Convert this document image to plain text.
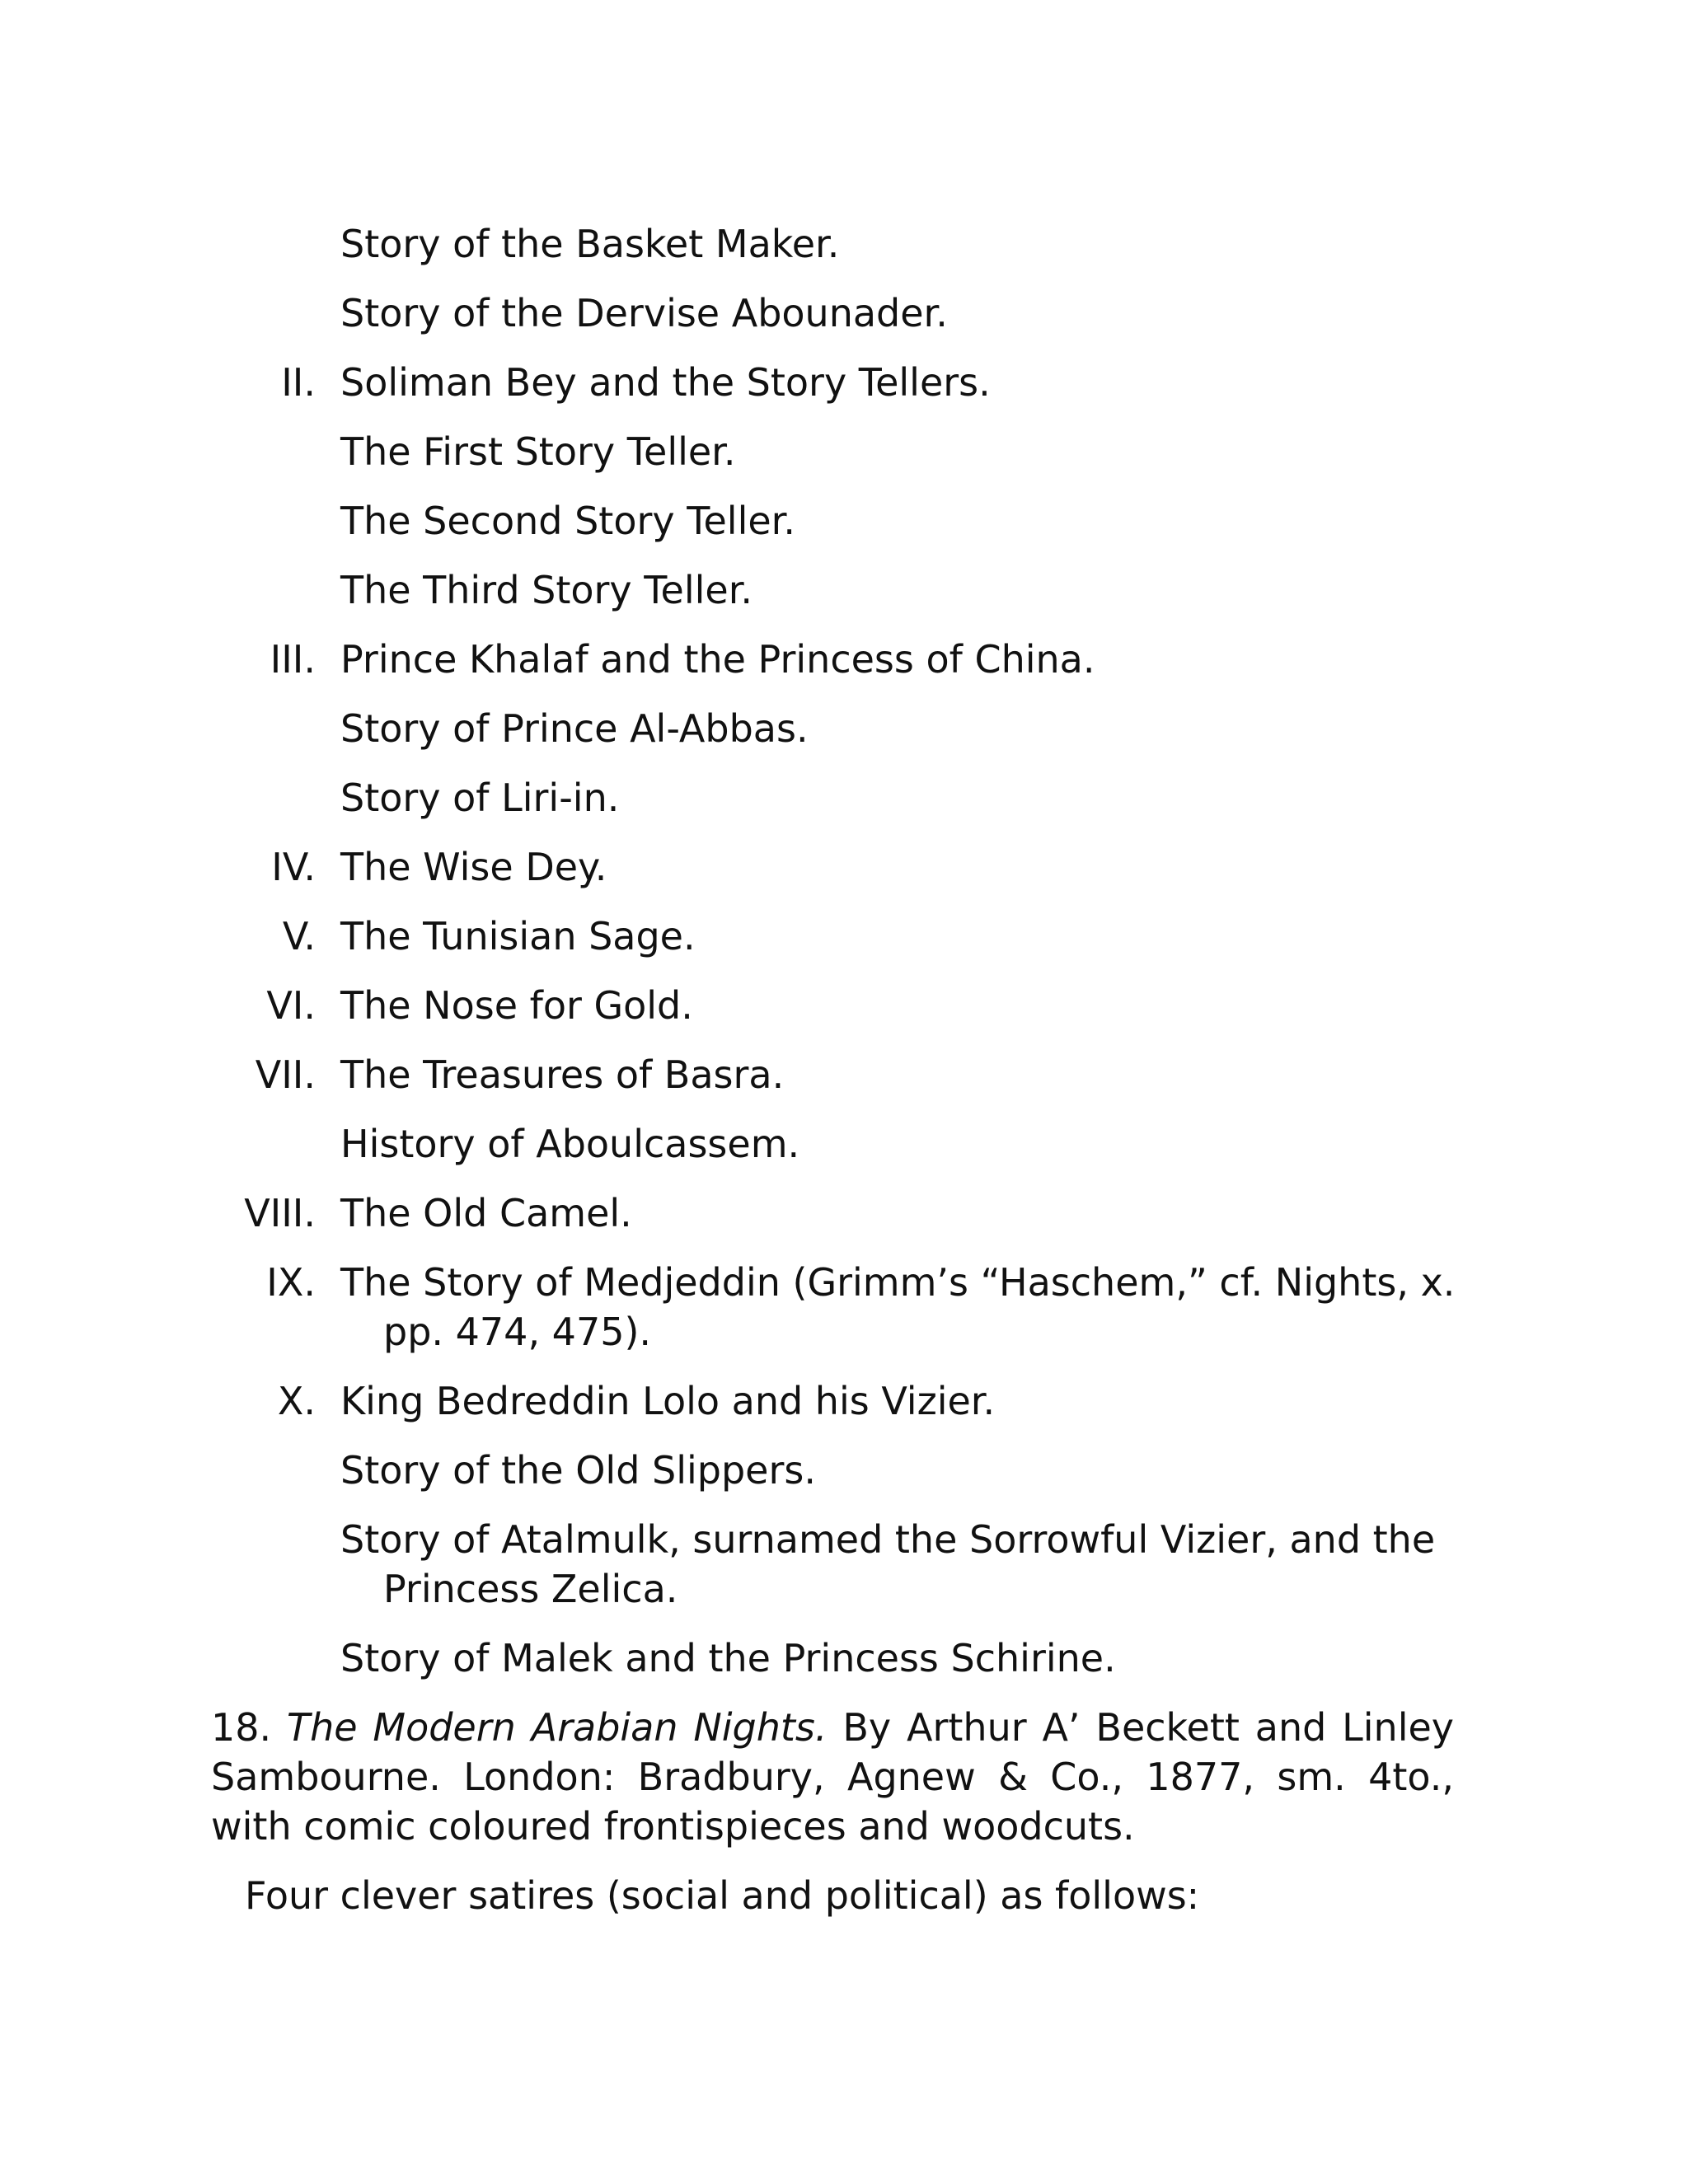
Story of the Basket Maker.
Story of the Dervise Abounader.
II. Soliman Bey and the Story Tellers.
The First Story Teller.
The Second Story Teller.
The Third Story Teller.
III. Prince Khalaf and the Princess of China.
Story of Prince Al-Abbas.
Story of Liri-in.
IV. The Wise Dey.
V. The Tunisian Sage.
VI. The Nose for Gold.
VII. The Treasures of Basra.
History of Aboulcassem.
VIII. The Old Camel.
IX. The Story of Medjeddin (Grimm’s “Haschem,” cf. Nights, x.
pp. 474, 475).
X. King Bedreddin Lolo and his Vizier.
Story of the Old Slippers.
Story of Atalmulk, surnamed the Sorrowful Vizier, and the
Princess Zelica.
Story of Malek and the Princess Schirine.
18. The Modern Arabian Nights. By Arthur A’ Beckett and Linley Sambourne. London: Bradbury, Agnew & Co., 1877, sm. 4to., with comic coloured frontispieces and woodcuts.
Four clever satires (social and political) as follows:
